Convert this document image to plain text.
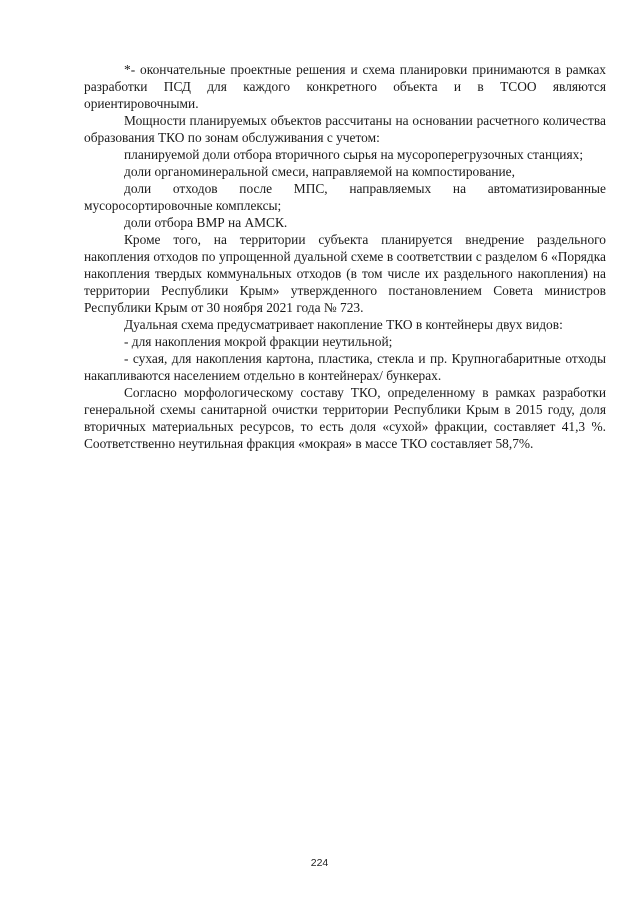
*- окончательные проектные решения и схема планировки принимаются в рамках разработки ПСД для каждого конкретного объекта и в ТСОО являются ориентировочными.

Мощности планируемых объектов рассчитаны на основании расчетного количества образования ТКО по зонам обслуживания с учетом:

планируемой доли отбора вторичного сырья на мусороперегрузочных станциях;

доли органоминеральной смеси, направляемой на компостирование,

доли отходов после МПС, направляемых на автоматизированные мусоросортировочные комплексы;

доли отбора ВМР на АМСК.

Кроме того, на территории субъекта планируется внедрение раздельного накопления отходов по упрощенной дуальной схеме в соответствии с разделом 6 «Порядка накопления твердых коммунальных отходов (в том числе их раздельного накопления) на территории Республики Крым» утвержденного постановлением Совета министров Республики Крым от 30 ноября 2021 года № 723.

Дуальная схема предусматривает накопление ТКО в контейнеры двух видов:

- для накопления мокрой фракции неутильной;

- сухая, для накопления картона, пластика, стекла и пр. Крупногабаритные отходы накапливаются населением отдельно в контейнерах/ бункерах.

Согласно морфологическому составу ТКО, определенному в рамках разработки генеральной схемы санитарной очистки территории Республики Крым в 2015 году, доля вторичных материальных ресурсов, то есть доля «сухой» фракции, составляет 41,3 %. Соответственно неутильная фракция «мокрая» в массе ТКО составляет 58,7%.

224
